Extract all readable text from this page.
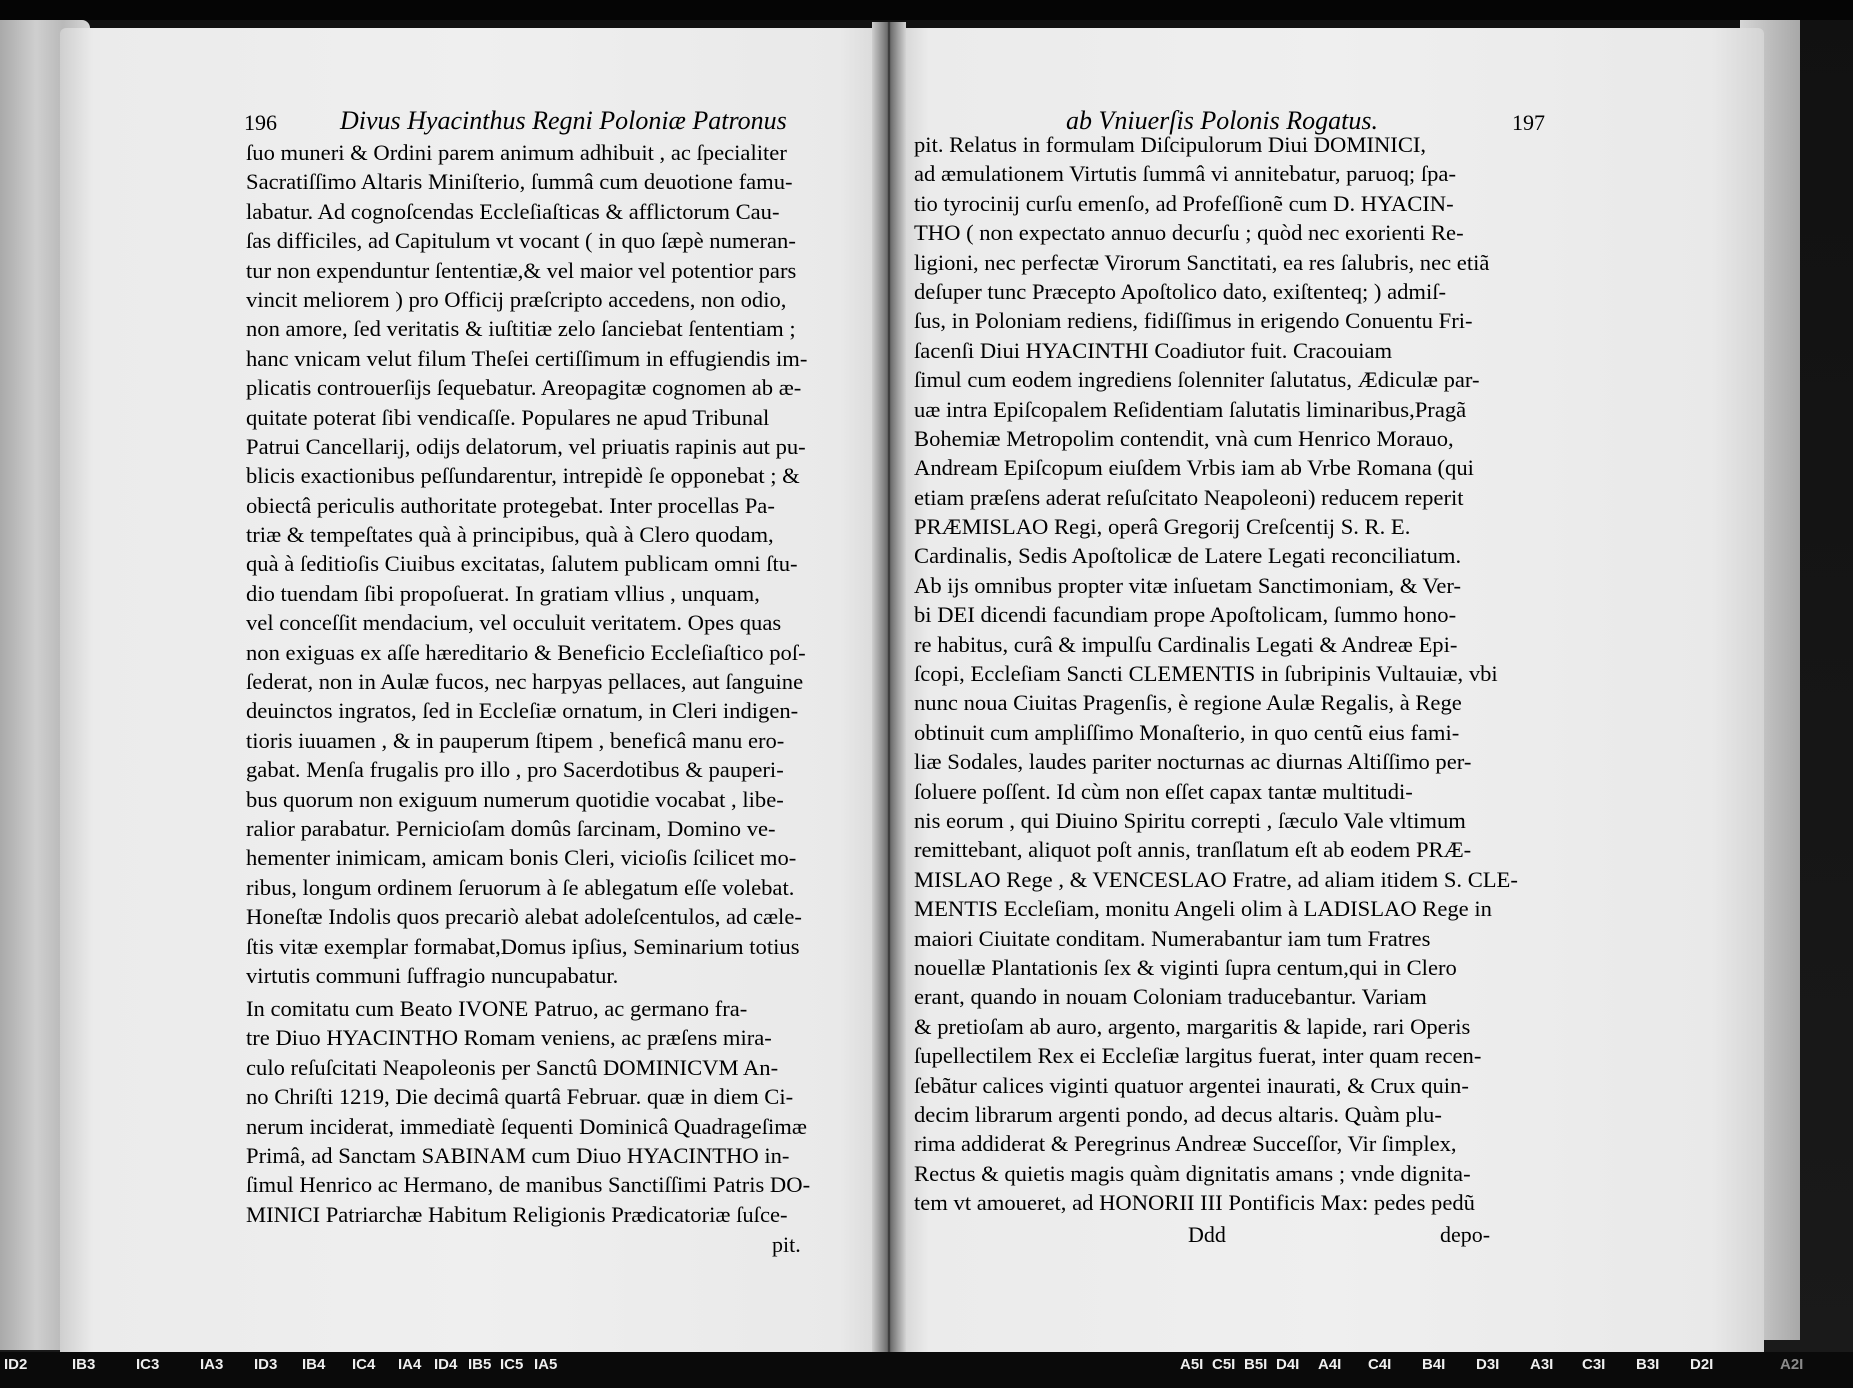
196 Divus Hyacinthus Regni Poloniæ Patronus
ſuo muneri & Ordini parem animum adhibuit , ac ſpecialiter
Sacratiſſimo Altaris Miniſterio, ſummâ cum deuotione famu-
labatur. Ad cognoſcendas Eccleſiaſticas & afflictorum Cau-
ſas difficiles, ad Capitulum vt vocant ( in quo ſæpè numeran-
tur non expenduntur ſententiæ,& vel maior vel potentior pars
vincit meliorem ) pro Officij præſcripto accedens, non odio,
non amore, ſed veritatis & iuſtitiæ zelo ſanciebat ſententiam ;
hanc vnicam velut filum Theſei certiſſimum in effugiendis im-
plicatis controuerſijs ſequebatur. Areopagitæ cognomen ab æ-
quitate poterat ſibi vendicaſſe. Populares ne apud Tribunal
Patrui Cancellarij, odijs delatorum, vel priuatis rapinis aut pu-
blicis exactionibus peſſundarentur, intrepidè ſe opponebat ; &
obiectâ periculis authoritate protegebat. Inter procellas Pa-
triæ & tempeſtates quà à principibus, quà à Clero quodam,
quà à ſeditioſis Ciuibus excitatas, ſalutem publicam omni ſtu-
dio tuendam ſibi propoſuerat. In gratiam vllius , unquam,
vel conceſſit mendacium, vel occuluit veritatem. Opes quas
non exiguas ex aſſe hæreditario & Beneficio Eccleſiaſtico poſ-
ſederat, non in Aulæ fucos, nec harpyas pellaces, aut ſanguine
deuinctos ingratos, ſed in Eccleſiæ ornatum, in Cleri indigen-
tioris iuuamen , & in pauperum ſtipem , beneficâ manu ero-
gabat. Menſa frugalis pro illo , pro Sacerdotibus & pauperi-
bus quorum non exiguum numerum quotidie vocabat , libe-
ralior parabatur. Pernicioſam domûs ſarcinam, Domino ve-
hementer inimicam, amicam bonis Cleri, vicioſis ſcilicet mo-
ribus, longum ordinem ſeruorum à ſe ablegatum eſſe volebat.
Honeſtæ Indolis quos precariò alebat adoleſcentulos, ad cæle-
ſtis vitæ exemplar formabat,Domus ipſius, Seminarium totius
virtutis communi ſuffragio nuncupabatur.
In comitatu cum Beato IVONE Patruo, ac germano fra-
tre Diuo HYACINTHO Romam veniens, ac præſens mira-
culo reſuſcitati Neapoleonis per Sanctû DOMINICVM An-
no Chriſti 1219, Die decimâ quartâ Februar. quæ in diem Ci-
nerum inciderat, immediatè ſequenti Dominicâ Quadrageſimæ
Primâ, ad Sanctam SABINAM cum Diuo HYACINTHO in-
ſimul Henrico ac Hermano, de manibus Sanctiſſimi Patris DO-
MINICI Patriarchæ Habitum Religionis Prædicatoriæ ſuſce-
pit.
ab Vniuerſis Polonis Rogatus.	197
pit. Relatus in formulam Diſcipulorum Diui DOMINICI,
ad æmulationem Virtutis ſummâ vi annitebatur, paruoq; ſpa-
tio tyrocinij curſu emenſo, ad Profeſſionẽ cum D. HYACIN-
THO ( non expectato annuo decurſu ; quòd nec exorienti Re-
ligioni, nec perfectæ Virorum Sanctitati, ea res ſalubris, nec etiã
deſuper tunc Præcepto Apoſtolico dato, exiſtenteq; ) admiſ-
ſus, in Poloniam rediens, fidiſſimus in erigendo Conuentu Fri-
ſacenſi Diui HYACINTHI Coadiutor fuit. Cracouiam
ſimul cum eodem ingrediens ſolenniter ſalutatus, Ædiculæ par-
uæ intra Epiſcopalem Reſidentiam ſalutatis liminaribus,Pragã
Bohemiæ Metropolim contendit, vnà cum Henrico Morauo,
Andream Epiſcopum eiuſdem Vrbis iam ab Vrbe Romana (qui
etiam præſens aderat reſuſcitato Neapoleoni) reducem reperit
PRÆMISLAO Regi, operâ Gregorij Creſcentij S. R. E.
Cardinalis, Sedis Apoſtolicæ de Latere Legati reconciliatum.
Ab ijs omnibus propter vitæ inſuetam Sanctimoniam, & Ver-
bi DEI dicendi facundiam prope Apoſtolicam, ſummo hono-
re habitus, curâ & impulſu Cardinalis Legati & Andreæ Epi-
ſcopi, Eccleſiam Sancti CLEMENTIS in ſubripinis Vultauiæ, vbi
nunc noua Ciuitas Pragenſis, è regione Aulæ Regalis, à Rege
obtinuit cum ampliſſimo Monaſterio, in quo centũ eius fami-
liæ Sodales, laudes pariter nocturnas ac diurnas Altiſſimo per-
ſoluere poſſent. Id cùm non eſſet capax tantæ multitudi-
nis eorum , qui Diuino Spiritu correpti , ſæculo Vale vltimum
remittebant, aliquot poſt annis, tranſlatum eſt ab eodem PRÆ-
MISLAO Rege , & VENCESLAO Fratre, ad aliam itidem S. CLE-
MENTIS Eccleſiam, monitu Angeli olim à LADISLAO Rege in
maiori Ciuitate conditam. Numerabantur iam tum Fratres
nouellæ Plantationis ſex & viginti ſupra centum,qui in Clero
erant, quando in nouam Coloniam traducebantur. Variam
& pretioſam ab auro, argento, margaritis & lapide, rari Operis
ſupellectilem Rex ei Eccleſiæ largitus fuerat, inter quam recen-
ſebãtur calices viginti quatuor argentei inaurati, & Crux quin-
decim librarum argenti pondo, ad decus altaris. Quàm plu-
rima addiderat & Peregrinus Andreæ Succeſſor, Vir ſimplex,
Rectus & quietis magis quàm dignitatis amans ; vnde dignita-
tem vt amoueret, ad HONORII III Pontificis Max: pedes pedũ
Ddd	depo-
ID2	IB3	IC3	IA3 ID3 IB4 IC4 IA4 ID4 IB5 IC5 IA5	A5I C5I B5I D4I A4I C4I B4I D3I A3I C3I B3I D2I	A2I
